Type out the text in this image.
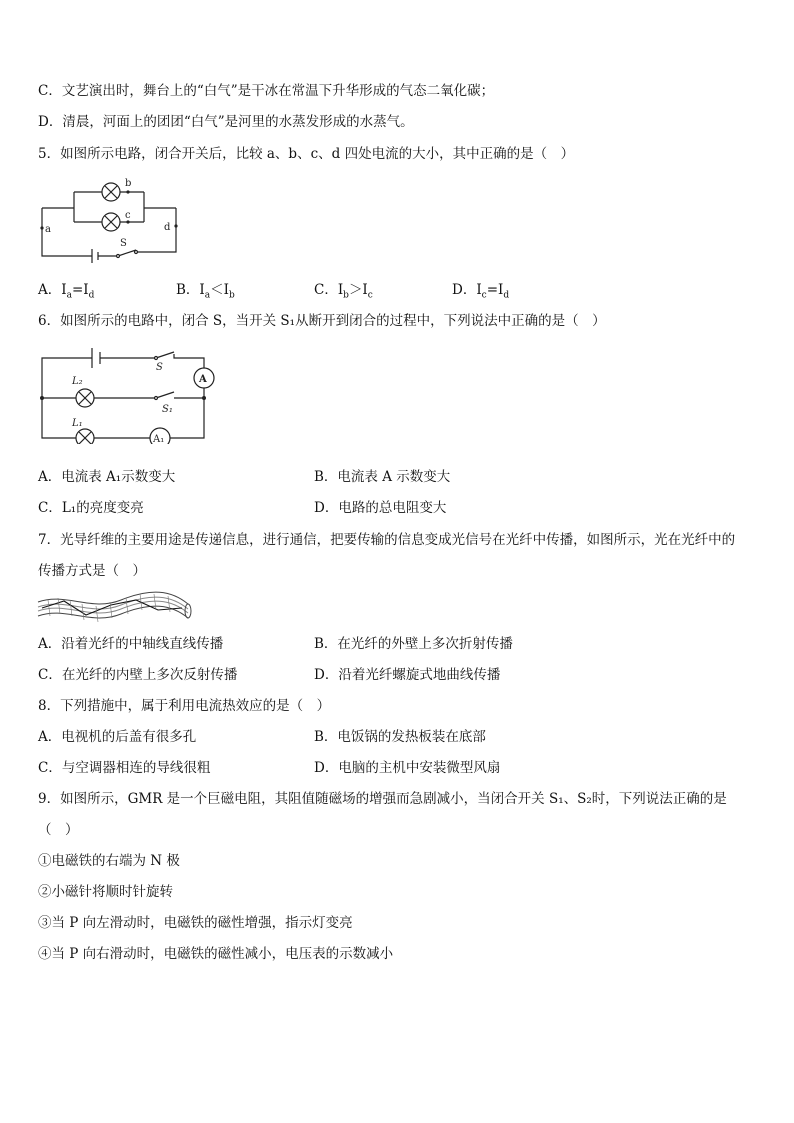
C．文艺演出时，舞台上的“白气”是干冰在常温下升华形成的气态二氧化碳；
D．清晨，河面上的团团“白气”是河里的水蒸发形成的水蒸气。
5．如图所示电路，闭合开关后，比较 a、b、c、d 四处电流的大小，其中正确的是（　）
a
b
c
d
S
A．$I_a=I_d$	B．$I_a<I_b$	C．$I_b>I_c$	D．$I_c=I_d$
6．如图所示的电路中，闭合 S，当开关 S₁从断开到闭合的过程中，下列说法中正确的是（　）
L₂
L₁
S
S₁
A
A₁
A．电流表 A₁示数变大	B．电流表 A 示数变大
C．L₁的亮度变亮	D．电路的总电阻变大
7．光导纤维的主要用途是传递信息，进行通信，把要传输的信息变成光信号在光纤中传播，如图所示，光在光纤中的
传播方式是（　）
A．沿着光纤的中轴线直线传播	B．在光纤的外壁上多次折射传播
C．在光纤的内壁上多次反射传播	D．沿着光纤螺旋式地曲线传播
8．下列措施中，属于利用电流热效应的是（　）
A．电视机的后盖有很多孔	B．电饭锅的发热板装在底部
C．与空调器相连的导线很粗	D．电脑的主机中安装微型风扇
9．如图所示，GMR 是一个巨磁电阻，其阻值随磁场的增强而急剧减小，当闭合开关 S₁、S₂时，下列说法正确的是
（　）
①电磁铁的右端为 N 极
②小磁针将顺时针旋转
③当 P 向左滑动时，电磁铁的磁性增强，指示灯变亮
④当 P 向右滑动时，电磁铁的磁性减小，电压表的示数减小
